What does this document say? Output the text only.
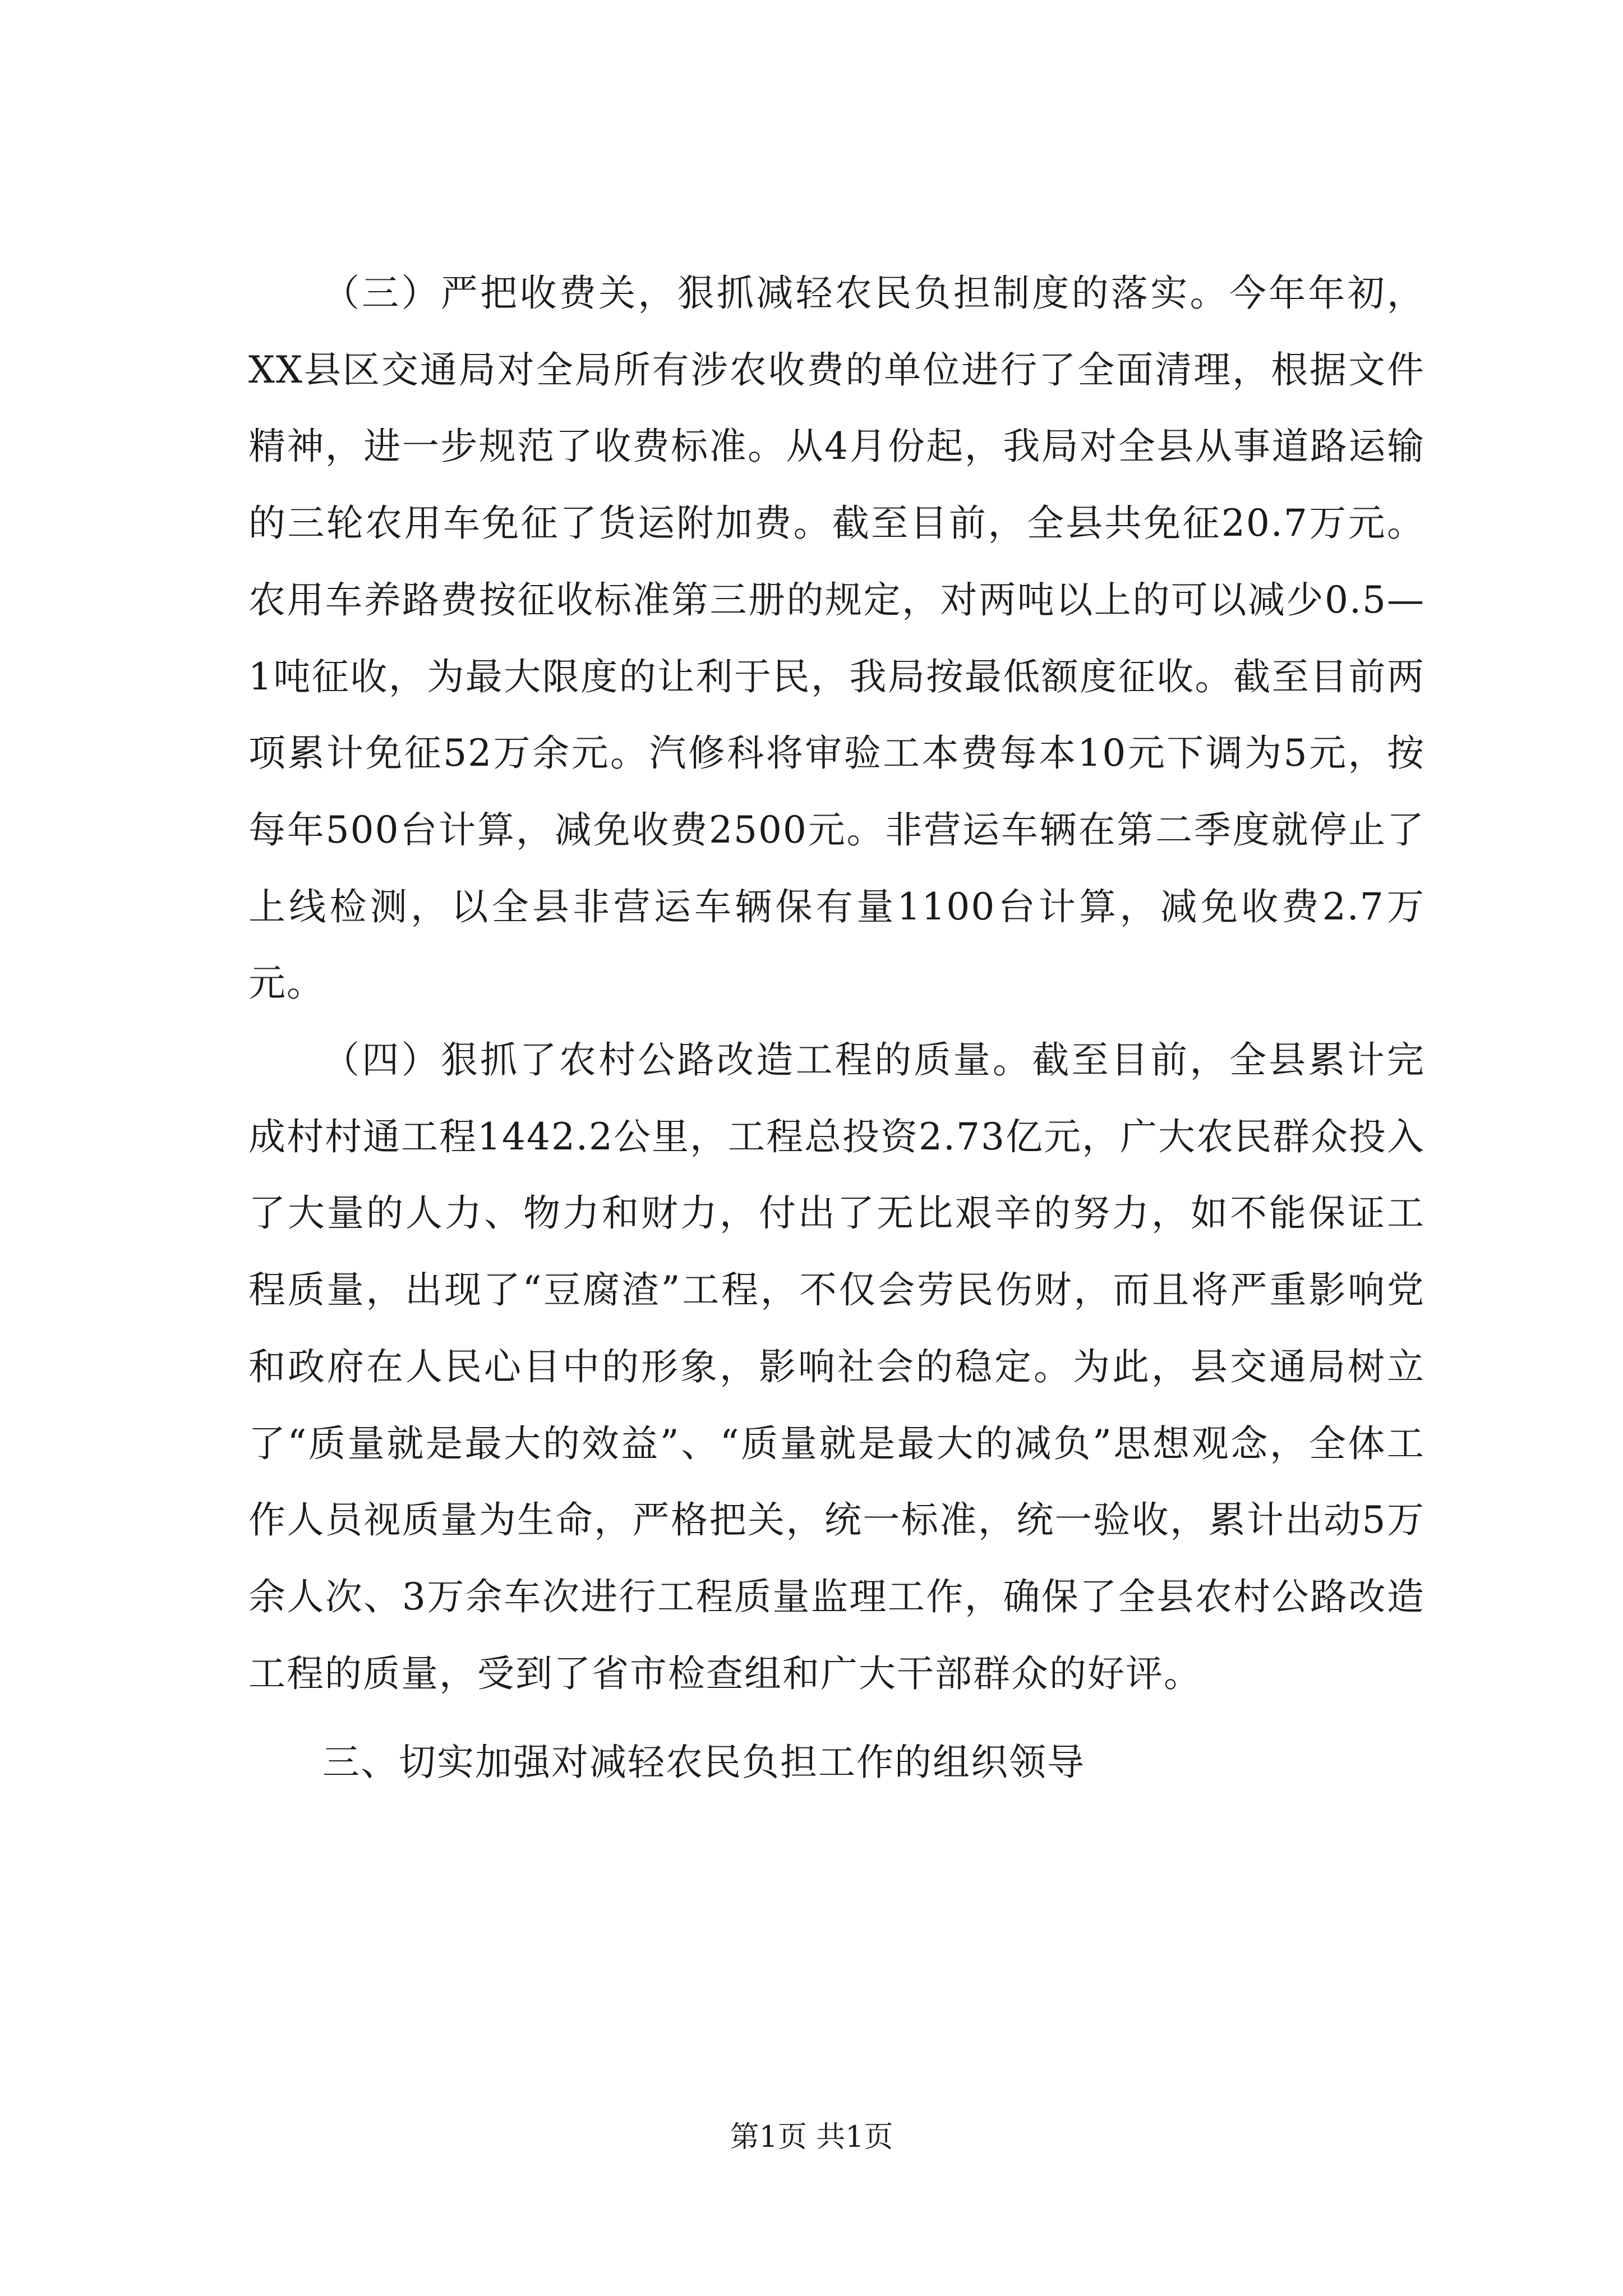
（三）严把收费关，狠抓减轻农民负担制度的落实。今年年初，XX县区交通局对全局所有涉农收费的单位进行了全面清理，根据文件精神，进一步规范了收费标准。从4月份起，我局对全县从事道路运输的三轮农用车免征了货运附加费。截至目前，全县共免征20.7万元。农用车养路费按征收标准第三册的规定，对两吨以上的可以减少0.5—1吨征收，为最大限度的让利于民，我局按最低额度征收。截至目前两项累计免征52万余元。汽修科将审验工本费每本10元下调为5元，按每年500台计算，减免收费2500元。非营运车辆在第二季度就停止了上线检测，以全县非营运车辆保有量1100台计算，减免收费2.7万元。

（四）狠抓了农村公路改造工程的质量。截至目前，全县累计完成村村通工程1442.2公里，工程总投资2.73亿元，广大农民群众投入了大量的人力、物力和财力，付出了无比艰辛的努力，如不能保证工程质量，出现了“豆腐渣”工程，不仅会劳民伤财，而且将严重影响党和政府在人民心目中的形象，影响社会的稳定。为此，县交通局树立了“质量就是最大的效益”、“质量就是最大的减负”思想观念，全体工作人员视质量为生命，严格把关，统一标准，统一验收，累计出动5万余人次、3万余车次进行工程质量监理工作，确保了全县农村公路改造工程的质量，受到了省市检查组和广大干部群众的好评。

三、切实加强对减轻农民负担工作的组织领导

第1页 共1页
